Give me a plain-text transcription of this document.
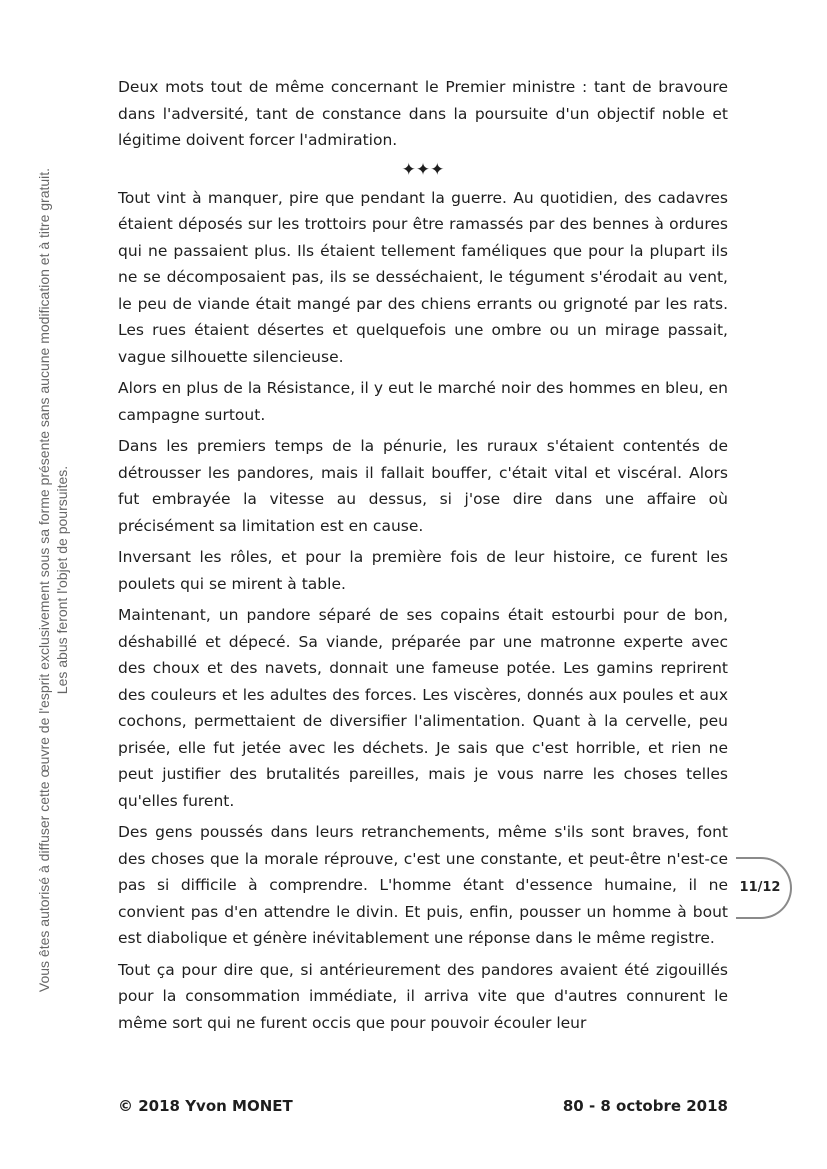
Vous êtes autorisé à diffuser cette œuvre de l'esprit exclusivement sous sa forme présente sans aucune modification et à titre gratuit. Les abus feront l'objet de poursuites.

Deux mots tout de même concernant le Premier ministre : tant de bravoure dans l'adversité, tant de constance dans la poursuite d'un objectif noble et légitime doivent forcer l'admiration.

✦✦✦

Tout vint à manquer, pire que pendant la guerre. Au quotidien, des cadavres étaient déposés sur les trottoirs pour être ramassés par des bennes à ordures qui ne passaient plus. Ils étaient tellement faméliques que pour la plupart ils ne se décomposaient pas, ils se desséchaient, le tégument s'érodait au vent, le peu de viande était mangé par des chiens errants ou grignoté par les rats. Les rues étaient désertes et quelquefois une ombre ou un mirage passait, vague silhouette silencieuse.

Alors en plus de la Résistance, il y eut le marché noir des hommes en bleu, en campagne surtout.

Dans les premiers temps de la pénurie, les ruraux s'étaient contentés de détrousser les pandores, mais il fallait bouffer, c'était vital et viscéral. Alors fut embrayée la vitesse au dessus, si j'ose dire dans une affaire où précisément sa limitation est en cause.

Inversant les rôles, et pour la première fois de leur histoire, ce furent les poulets qui se mirent à table.

Maintenant, un pandore séparé de ses copains était estourbi pour de bon, déshabillé et dépecé. Sa viande, préparée par une matronne experte avec des choux et des navets, donnait une fameuse potée. Les gamins reprirent des couleurs et les adultes des forces. Les viscères, donnés aux poules et aux cochons, permettaient de diversifier l'alimentation. Quant à la cervelle, peu prisée, elle fut jetée avec les déchets. Je sais que c'est horrible, et rien ne peut justifier des brutalités pareilles, mais je vous narre les choses telles qu'elles furent.

Des gens poussés dans leurs retranchements, même s'ils sont braves, font des choses que la morale réprouve, c'est une constante, et peut-être n'est-ce pas si difficile à comprendre. L'homme étant d'essence humaine, il ne convient pas d'en attendre le divin. Et puis, enfin, pousser un homme à bout est diabolique et génère inévitablement une réponse dans le même registre.

Tout ça pour dire que, si antérieurement des pandores avaient été zigouillés pour la consommation immédiate, il arriva vite que d'autres connurent le même sort qui ne furent occis que pour pouvoir écouler leur

11/12
© 2018 Yvon MONET	80 - 8 octobre 2018
